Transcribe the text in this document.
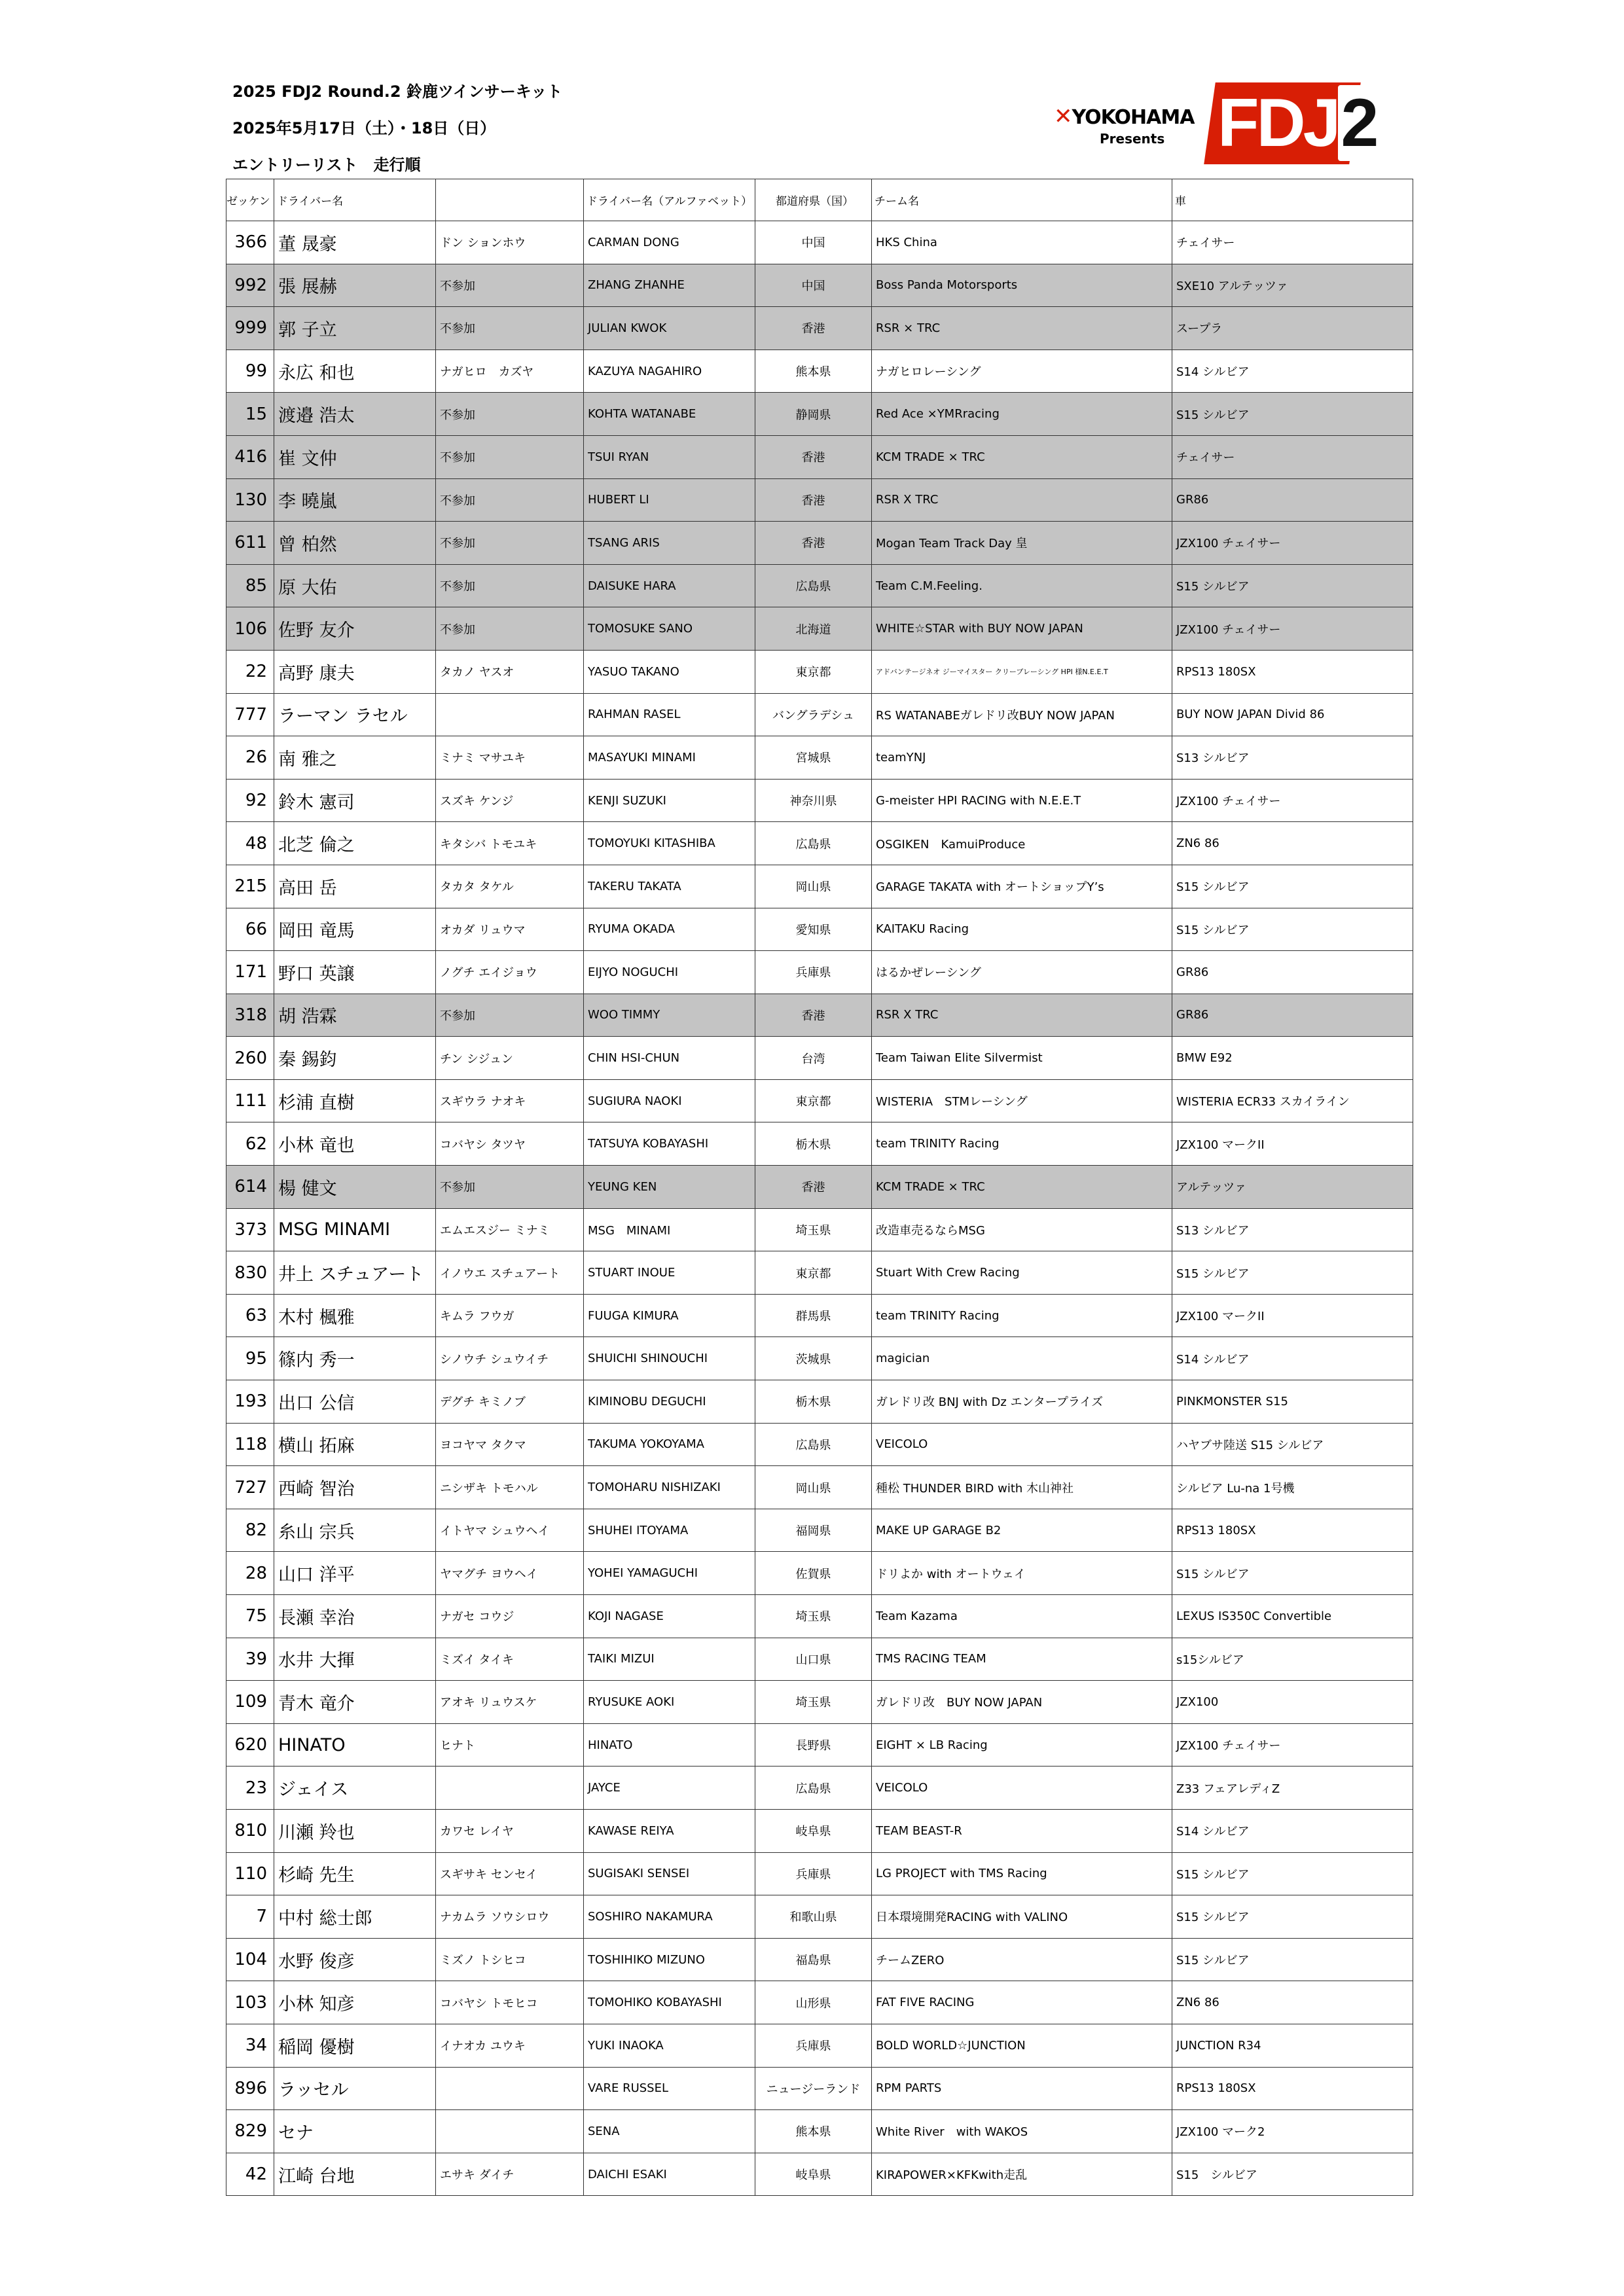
2025 FDJ2 Round.2 鈴鹿ツインサーキット
2025年5月17日（土）・18日（日）
エントリーリスト　走行順
✕YOKOHAMA
Presents FDJ2
ゼッケン	ドライバー名		ドライバー名（アルファベット）	都道府県（国）	チーム名	車
366	董 晟豪	ドン ションホウ	CARMAN DONG	中国	HKS China	チェイサー
992	張 展赫	不参加	ZHANG ZHANHE	中国	Boss Panda Motorsports	SXE10 アルテッツァ
999	郭 子立	不参加	JULIAN KWOK	香港	RSR × TRC	スープラ
99	永広 和也	ナガヒロ　カズヤ	KAZUYA NAGAHIRO	熊本県	ナガヒロレーシング	S14 シルビア
15	渡邉 浩太	不参加	KOHTA WATANABE	静岡県	Red Ace ×YMRracing	S15 シルビア
416	崔 文仲	不参加	TSUI RYAN	香港	KCM TRADE × TRC	チェイサー
130	李 曉嵐	不参加	HUBERT LI	香港	RSR X TRC	GR86
611	曾 柏然	不参加	TSANG ARIS	香港	Mogan Team Track Day 皇	JZX100 チェイサー
85	原 大佑	不参加	DAISUKE HARA	広島県	Team C.M.Feeling.	S15 シルビア
106	佐野 友介	不参加	TOMOSUKE SANO	北海道	WHITE☆STAR with BUY NOW JAPAN	JZX100 チェイサー
22	高野 康夫	タカノ ヤスオ	YASUO TAKANO	東京都	アドバンテージネオ ジーマイスター クリーブレーシング HPI 様N.E.E.T	RPS13 180SX
777	ラーマン ラセル		RAHMAN RASEL	バングラデシュ	RS WATANABEガレドリ改BUY NOW JAPAN	BUY NOW JAPAN Divid 86
26	南 雅之	ミナミ マサユキ	MASAYUKI MINAMI	宮城県	teamYNJ	S13 シルビア
92	鈴木 憲司	スズキ ケンジ	KENJI SUZUKI	神奈川県	G-meister HPI RACING with N.E.E.T	JZX100 チェイサー
48	北芝 倫之	キタシバ トモユキ	TOMOYUKI KITASHIBA	広島県	OSGIKEN　KamuiProduce	ZN6 86
215	高田 岳	タカタ タケル	TAKERU TAKATA	岡山県	GARAGE TAKATA with オートショップY’s	S15 シルビア
66	岡田 竜馬	オカダ リュウマ	RYUMA OKADA	愛知県	KAITAKU Racing	S15 シルビア
171	野口 英譲	ノグチ エイジョウ	EIJYO NOGUCHI	兵庫県	はるかぜレーシング	GR86
318	胡 浩霖	不参加	WOO TIMMY	香港	RSR X TRC	GR86
260	秦 錫鈞	チン シジュン	CHIN HSI-CHUN	台湾	Team Taiwan Elite Silvermist	BMW E92
111	杉浦 直樹	スギウラ ナオキ	SUGIURA NAOKI	東京都	WISTERIA　STMレーシング	WISTERIA ECR33 スカイライン
62	小林 竜也	コバヤシ タツヤ	TATSUYA KOBAYASHI	栃木県	team TRINITY Racing	JZX100 マークII
614	楊 健文	不参加	YEUNG KEN	香港	KCM TRADE × TRC	アルテッツァ
373	MSG MINAMI	エムエスジー ミナミ	MSG　MINAMI	埼玉県	改造車売るならMSG	S13 シルビア
830	井上 スチュアート	イノウエ スチュアート	STUART INOUE	東京都	Stuart With Crew Racing	S15 シルビア
63	木村 楓雅	キムラ フウガ	FUUGA KIMURA	群馬県	team TRINITY Racing	JZX100 マークII
95	篠内 秀一	シノウチ シュウイチ	SHUICHI SHINOUCHI	茨城県	magician	S14 シルビア
193	出口 公信	デグチ キミノブ	KIMINOBU DEGUCHI	栃木県	ガレドリ改 BNJ with Dz エンタープライズ	PINKMONSTER S15
118	横山 拓麻	ヨコヤマ タクマ	TAKUMA YOKOYAMA	広島県	VEICOLO	ハヤブサ陸送 S15 シルビア
727	西崎 智治	ニシザキ トモハル	TOMOHARU NISHIZAKI	岡山県	種松 THUNDER BIRD with 木山神社	シルビア Lu-na 1号機
82	糸山 宗兵	イトヤマ シュウヘイ	SHUHEI ITOYAMA	福岡県	MAKE UP GARAGE B2	RPS13 180SX
28	山口 洋平	ヤマグチ ヨウヘイ	YOHEI YAMAGUCHI	佐賀県	ドリよか with オートウェイ	S15 シルビア
75	長瀬 幸治	ナガセ コウジ	KOJI NAGASE	埼玉県	Team Kazama	LEXUS IS350C Convertible
39	水井 大揮	ミズイ タイキ	TAIKI MIZUI	山口県	TMS RACING TEAM	s15シルビア
109	青木 竜介	アオキ リュウスケ	RYUSUKE AOKI	埼玉県	ガレドリ改　BUY NOW JAPAN	JZX100
620	HINATO	ヒナト	HINATO	長野県	EIGHT × LB Racing	JZX100 チェイサー
23	ジェイス		JAYCE	広島県	VEICOLO	Z33 フェアレディZ
810	川瀬 羚也	カワセ レイヤ	KAWASE REIYA	岐阜県	TEAM BEAST-R	S14 シルビア
110	杉崎 先生	スギサキ センセイ	SUGISAKI SENSEI	兵庫県	LG PROJECT with TMS Racing	S15 シルビア
7	中村 総士郎	ナカムラ ソウシロウ	SOSHIRO NAKAMURA	和歌山県	日本環境開発RACING with VALINO	S15 シルビア
104	水野 俊彦	ミズノ トシヒコ	TOSHIHIKO MIZUNO	福島県	チームZERO	S15 シルビア
103	小林 知彦	コバヤシ トモヒコ	TOMOHIKO KOBAYASHI	山形県	FAT FIVE RACING	ZN6 86
34	稲岡 優樹	イナオカ ユウキ	YUKI INAOKA	兵庫県	BOLD WORLD☆JUNCTION	JUNCTION R34
896	ラッセル		VARE RUSSEL	ニュージーランド	RPM PARTS	RPS13 180SX
829	セナ		SENA	熊本県	White River　with WAKOS	JZX100 マーク2
42	江崎 台地	エサキ ダイチ	DAICHI ESAKI	岐阜県	KIRAPOWER×KFKwith走乱	S15　シルビア
